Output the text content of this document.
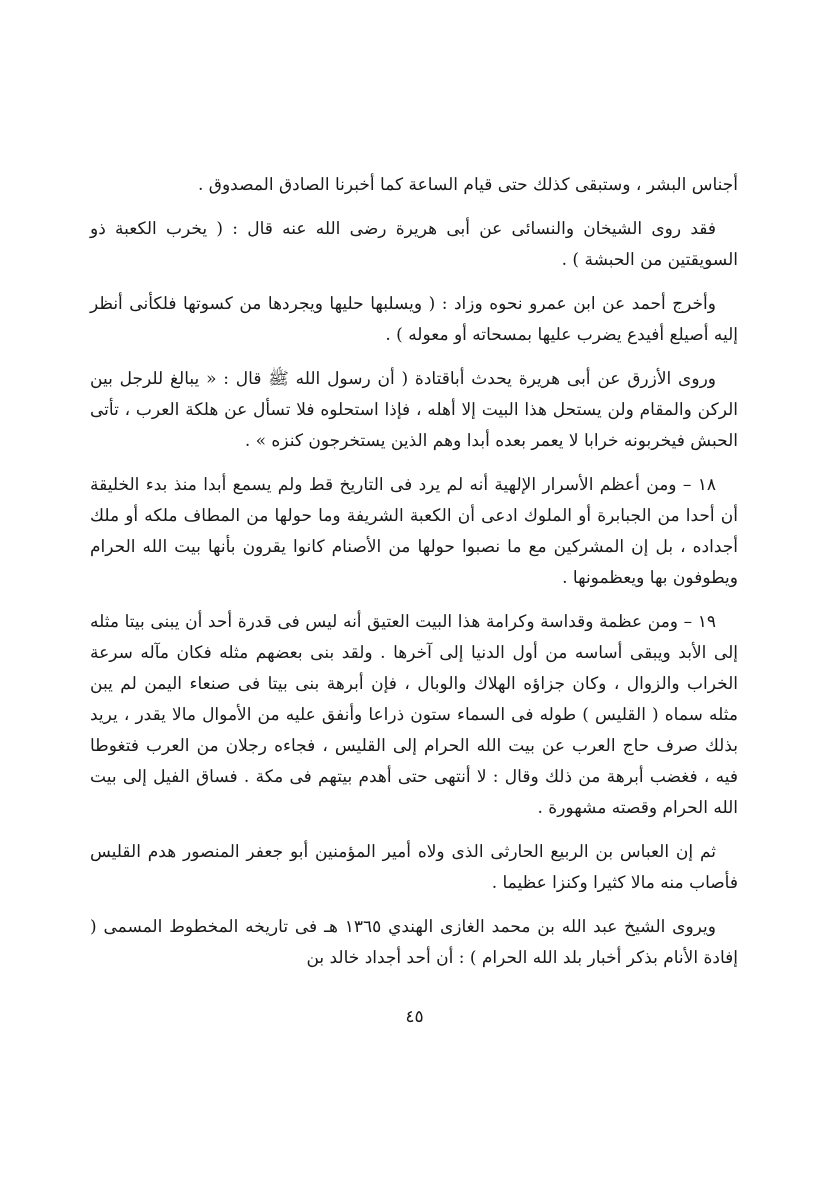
أجناس البشر ، وستبقى كذلك حتى قيام الساعة كما أخبرنا الصادق المصدوق .

فقد روى الشيخان والنسائى عن أبى هريرة رضى الله عنه قال : ( يخرب الكعبة ذو السويقتين من الحبشة ) .

وأخرج أحمد عن ابن عمرو نحوه وزاد : ( ويسلبها حليها ويجردها من كسوتها فلكأنى أنظر إليه أصيلع أفيدع يضرب عليها بمسحاته أو معوله ) .

وروى الأزرق عن أبى هريرة يحدث أباقتادة ( أن رسول الله ﷺ قال : « يبالغ للرجل بين الركن والمقام ولن يستحل هذا البيت إلا أهله ، فإذا استحلوه فلا تسأل عن هلكة العرب ، تأتى الحبش فيخربونه خرابا لا يعمر بعده أبدا وهم الذين يستخرجون كنزه » .

١٨ – ومن أعظم الأسرار الإلهية أنه لم يرد فى التاريخ قط ولم يسمع أبدا منذ بدء الخليقة أن أحدا من الجبابرة أو الملوك ادعى أن الكعبة الشريفة وما حولها من المطاف ملكه أو ملك أجداده ، بل إن المشركين مع ما نصبوا حولها من الأصنام كانوا يقرون بأنها بيت الله الحرام ويطوفون بها ويعظمونها .

١٩ – ومن عظمة وقداسة وكرامة هذا البيت العتيق أنه ليس فى قدرة أحد أن يبنى بيتا مثله إلى الأبد ويبقى أساسه من أول الدنيا إلى آخرها . ولقد بنى بعضهم مثله فكان مآله سرعة الخراب والزوال ، وكان جزاؤه الهلاك والوبال ، فإن أبرهة بنى بيتا فى صنعاء اليمن لم يبن مثله سماه ( القليس ) طوله فى السماء ستون ذراعا وأنفق عليه من الأموال مالا يقدر ، يريد بذلك صرف حاج العرب عن بيت الله الحرام إلى القليس ، فجاءه رجلان من العرب فتغوطا فيه ، فغضب أبرهة من ذلك وقال : لا أنتهى حتى أهدم بيتهم فى مكة . فساق الفيل إلى بيت الله الحرام وقصته مشهورة .

ثم إن العباس بن الربيع الحارثى الذى ولاه أمير المؤمنين أبو جعفر المنصور هدم القليس فأصاب منه مالا كثيرا وكنزا عظيما .

ويروى الشيخ عبد الله بن محمد الغازى الهندي ١٣٦٥ هـ فى تاريخه المخطوط المسمى ( إفادة الأنام بذكر أخبار بلد الله الحرام ) : أن أحد أجداد خالد بن

٤٥
